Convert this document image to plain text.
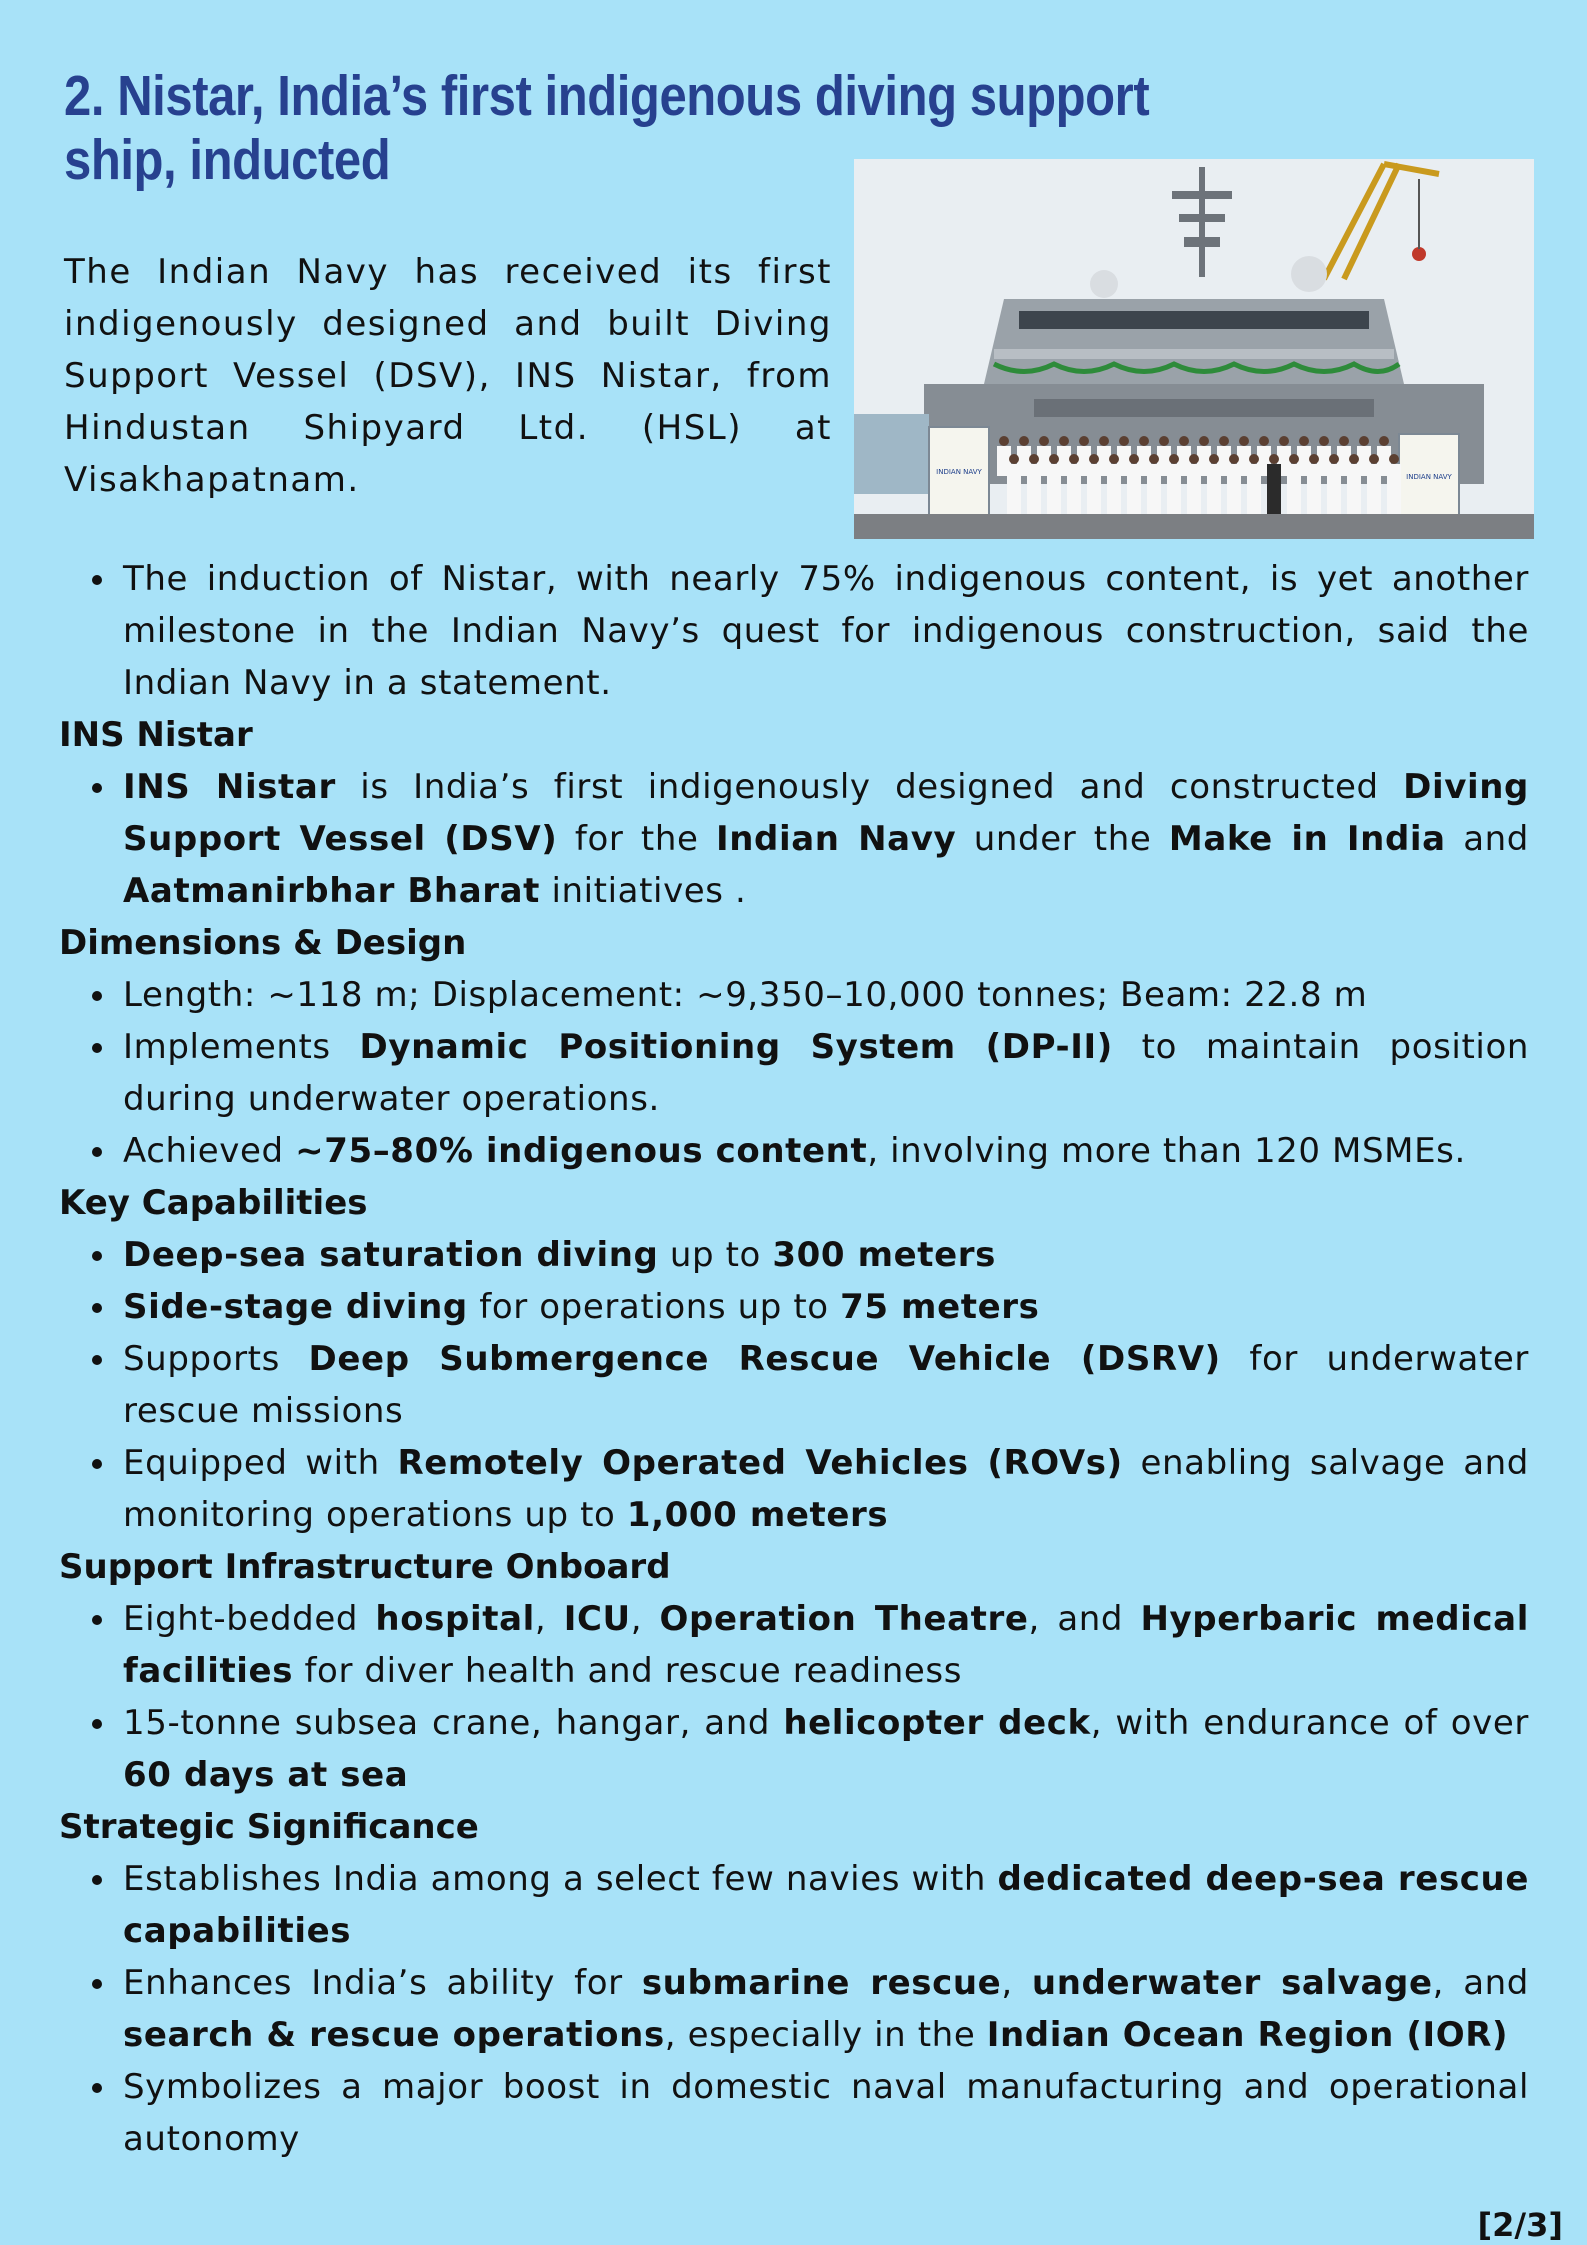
2. Nistar, India’s first indigenous diving support ship, inducted

The Indian Navy has received its first indigenously designed and built Diving Support Vessel (DSV), INS Nistar, from Hindustan Shipyard Ltd. (HSL) at Visakhapatnam.	INDIAN NAVY
INDIAN NAVY
The induction of Nistar, with nearly 75% indigenous content, is yet another milestone in the Indian Navy’s quest for indigenous construction, said the Indian Navy in a statement.
INS Nistar
INS Nistar is India’s first indigenously designed and constructed Diving Support Vessel (DSV) for the Indian Navy under the Make in India and Aatmanirbhar Bharat initiatives .
Dimensions & Design
Length: ~118 m; Displacement: ~9,350–10,000 tonnes; Beam: 22.8 m
Implements Dynamic Positioning System (DP-II) to maintain position during underwater operations.
Achieved ~75–80% indigenous content, involving more than 120 MSMEs.
Key Capabilities
Deep-sea saturation diving up to 300 meters
Side-stage diving for operations up to 75 meters
Supports Deep Submergence Rescue Vehicle (DSRV) for underwater rescue missions
Equipped with Remotely Operated Vehicles (ROVs) enabling salvage and monitoring operations up to 1,000 meters
Support Infrastructure Onboard
Eight-bedded hospital, ICU, Operation Theatre, and Hyperbaric medical facilities for diver health and rescue readiness
15-tonne subsea crane, hangar, and helicopter deck, with endurance of over 60 days at sea
Strategic Significance
Establishes India among a select few navies with dedicated deep-sea rescue capabilities
Enhances India’s ability for submarine rescue, underwater salvage, and search & rescue operations, especially in the Indian Ocean Region (IOR)
Symbolizes a major boost in domestic naval manufacturing and operational autonomy
[2/3]
